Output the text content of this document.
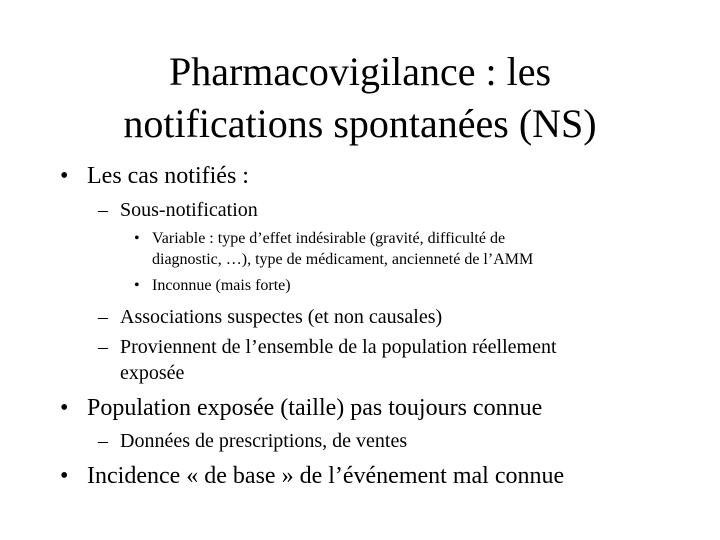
Pharmacovigilance : les
notifications spontanées (NS)
• Les cas notifiés :
– Sous-notification
• Variable : type d’effet indésirable (gravité, difficulté de
diagnostic, …), type de médicament, ancienneté de l’AMM
• Inconnue (mais forte)
– Associations suspectes (et non causales)
– Proviennent de l’ensemble de la population réellement
exposée
• Population exposée (taille) pas toujours connue
– Données de prescriptions, de ventes
• Incidence « de base » de l’événement mal connue
